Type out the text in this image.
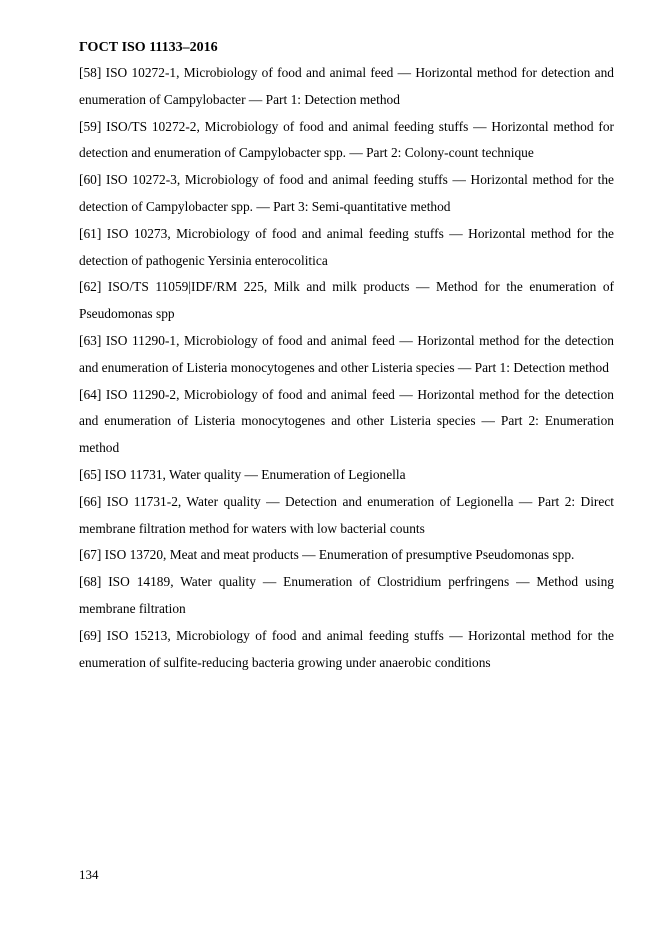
ГОСТ ISO 11133–2016
[58] ISO 10272-1, Microbiology of food and animal feed — Horizontal method for detection and enumeration of Campylobacter — Part 1: Detection method
[59] ISO/TS 10272-2, Microbiology of food and animal feeding stuffs — Horizontal method for detection and enumeration of Campylobacter spp. — Part 2: Colony-count technique
[60] ISO 10272-3, Microbiology of food and animal feeding stuffs — Horizontal method for the detection of Campylobacter spp. — Part 3: Semi-quantitative method
[61] ISO 10273, Microbiology of food and animal feeding stuffs — Horizontal method for the detection of pathogenic Yersinia enterocolitica
[62] ISO/TS 11059|IDF/RM 225, Milk and milk products — Method for the enumeration of Pseudomonas spp
[63] ISO 11290-1, Microbiology of food and animal feed — Horizontal method for the detection and enumeration of Listeria monocytogenes and other Listeria species — Part 1: Detection method
[64] ISO 11290-2, Microbiology of food and animal feed — Horizontal method for the detection and enumeration of Listeria monocytogenes and other Listeria species — Part 2: Enumeration method
[65] ISO 11731, Water quality — Enumeration of Legionella
[66] ISO 11731-2, Water quality — Detection and enumeration of Legionella — Part 2: Direct membrane filtration method for waters with low bacterial counts
[67] ISO 13720, Meat and meat products — Enumeration of presumptive Pseudomonas spp.
[68] ISO 14189, Water quality — Enumeration of Clostridium perfringens — Method using membrane filtration
[69] ISO 15213, Microbiology of food and animal feeding stuffs — Horizontal method for the enumeration of sulfite-reducing bacteria growing under anaerobic conditions
134
